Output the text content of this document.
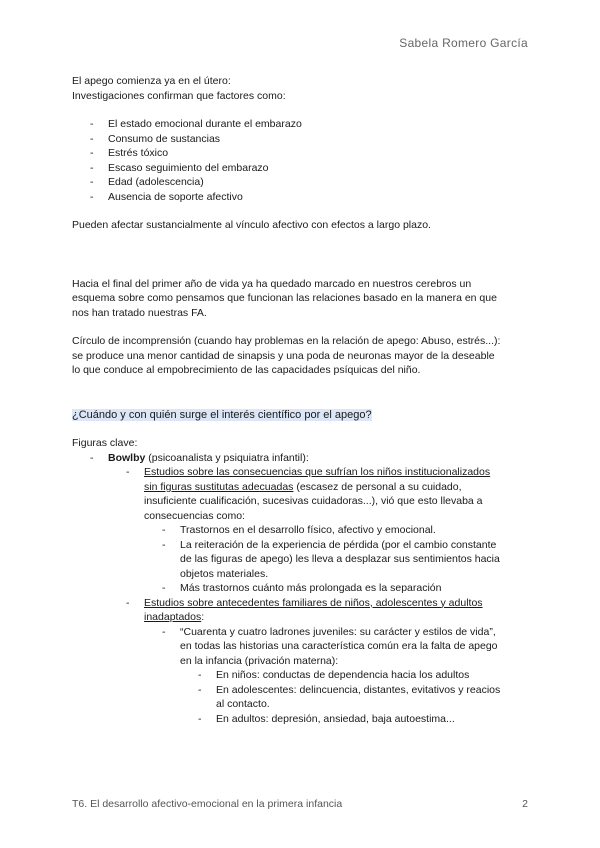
Sabela Romero García

El apego comienza ya en el útero:

Investigaciones confirman que factores como:

- El estado emocional durante el embarazo
- Consumo de sustancias
- Estrés tóxico
- Escaso seguimiento del embarazo
- Edad (adolescencia)
- Ausencia de soporte afectivo

Pueden afectar sustancialmente al vínculo afectivo con efectos a largo plazo.

Hacia el final del primer año de vida ya ha quedado marcado en nuestros cerebros un

esquema sobre como pensamos que funcionan las relaciones basado en la manera en que

nos han tratado nuestras FA.

Círculo de incomprensión (cuando hay problemas en la relación de apego: Abuso, estrés...):

se produce una menor cantidad de sinapsis y una poda de neuronas mayor de la deseable

lo que conduce al empobrecimiento de las capacidades psíquicas del niño.

¿Cuándo y con quién surge el interés científico por el apego?

Figuras clave:

- Bowlby (psicoanalista y psiquiatra infantil):
- Estudios sobre las consecuencias que sufrían los niños institucionalizados
sin figuras sustitutas adecuadas (escasez de personal a su cuidado,
insuficiente cualificación, sucesivas cuidadoras...), vió que esto llevaba a
consecuencias como:
- Trastornos en el desarrollo físico, afectivo y emocional.
- La reiteración de la experiencia de pérdida (por el cambio constante
de las figuras de apego) les lleva a desplazar sus sentimientos hacia
objetos materiales.
- Más trastornos cuánto más prolongada es la separación
- Estudios sobre antecedentes familiares de niños, adolescentes y adultos
inadaptados:
- “Cuarenta y cuatro ladrones juveniles: su carácter y estilos de vida”,
en todas las historias una característica común era la falta de apego
en la infancia (privación materna):
- En niños: conductas de dependencia hacia los adultos
- En adolescentes: delincuencia, distantes, evitativos y reacios
al contacto.
- En adultos: depresión, ansiedad, baja autoestima...
T6. El desarrollo afectivo-emocional en la primera infancia	2
